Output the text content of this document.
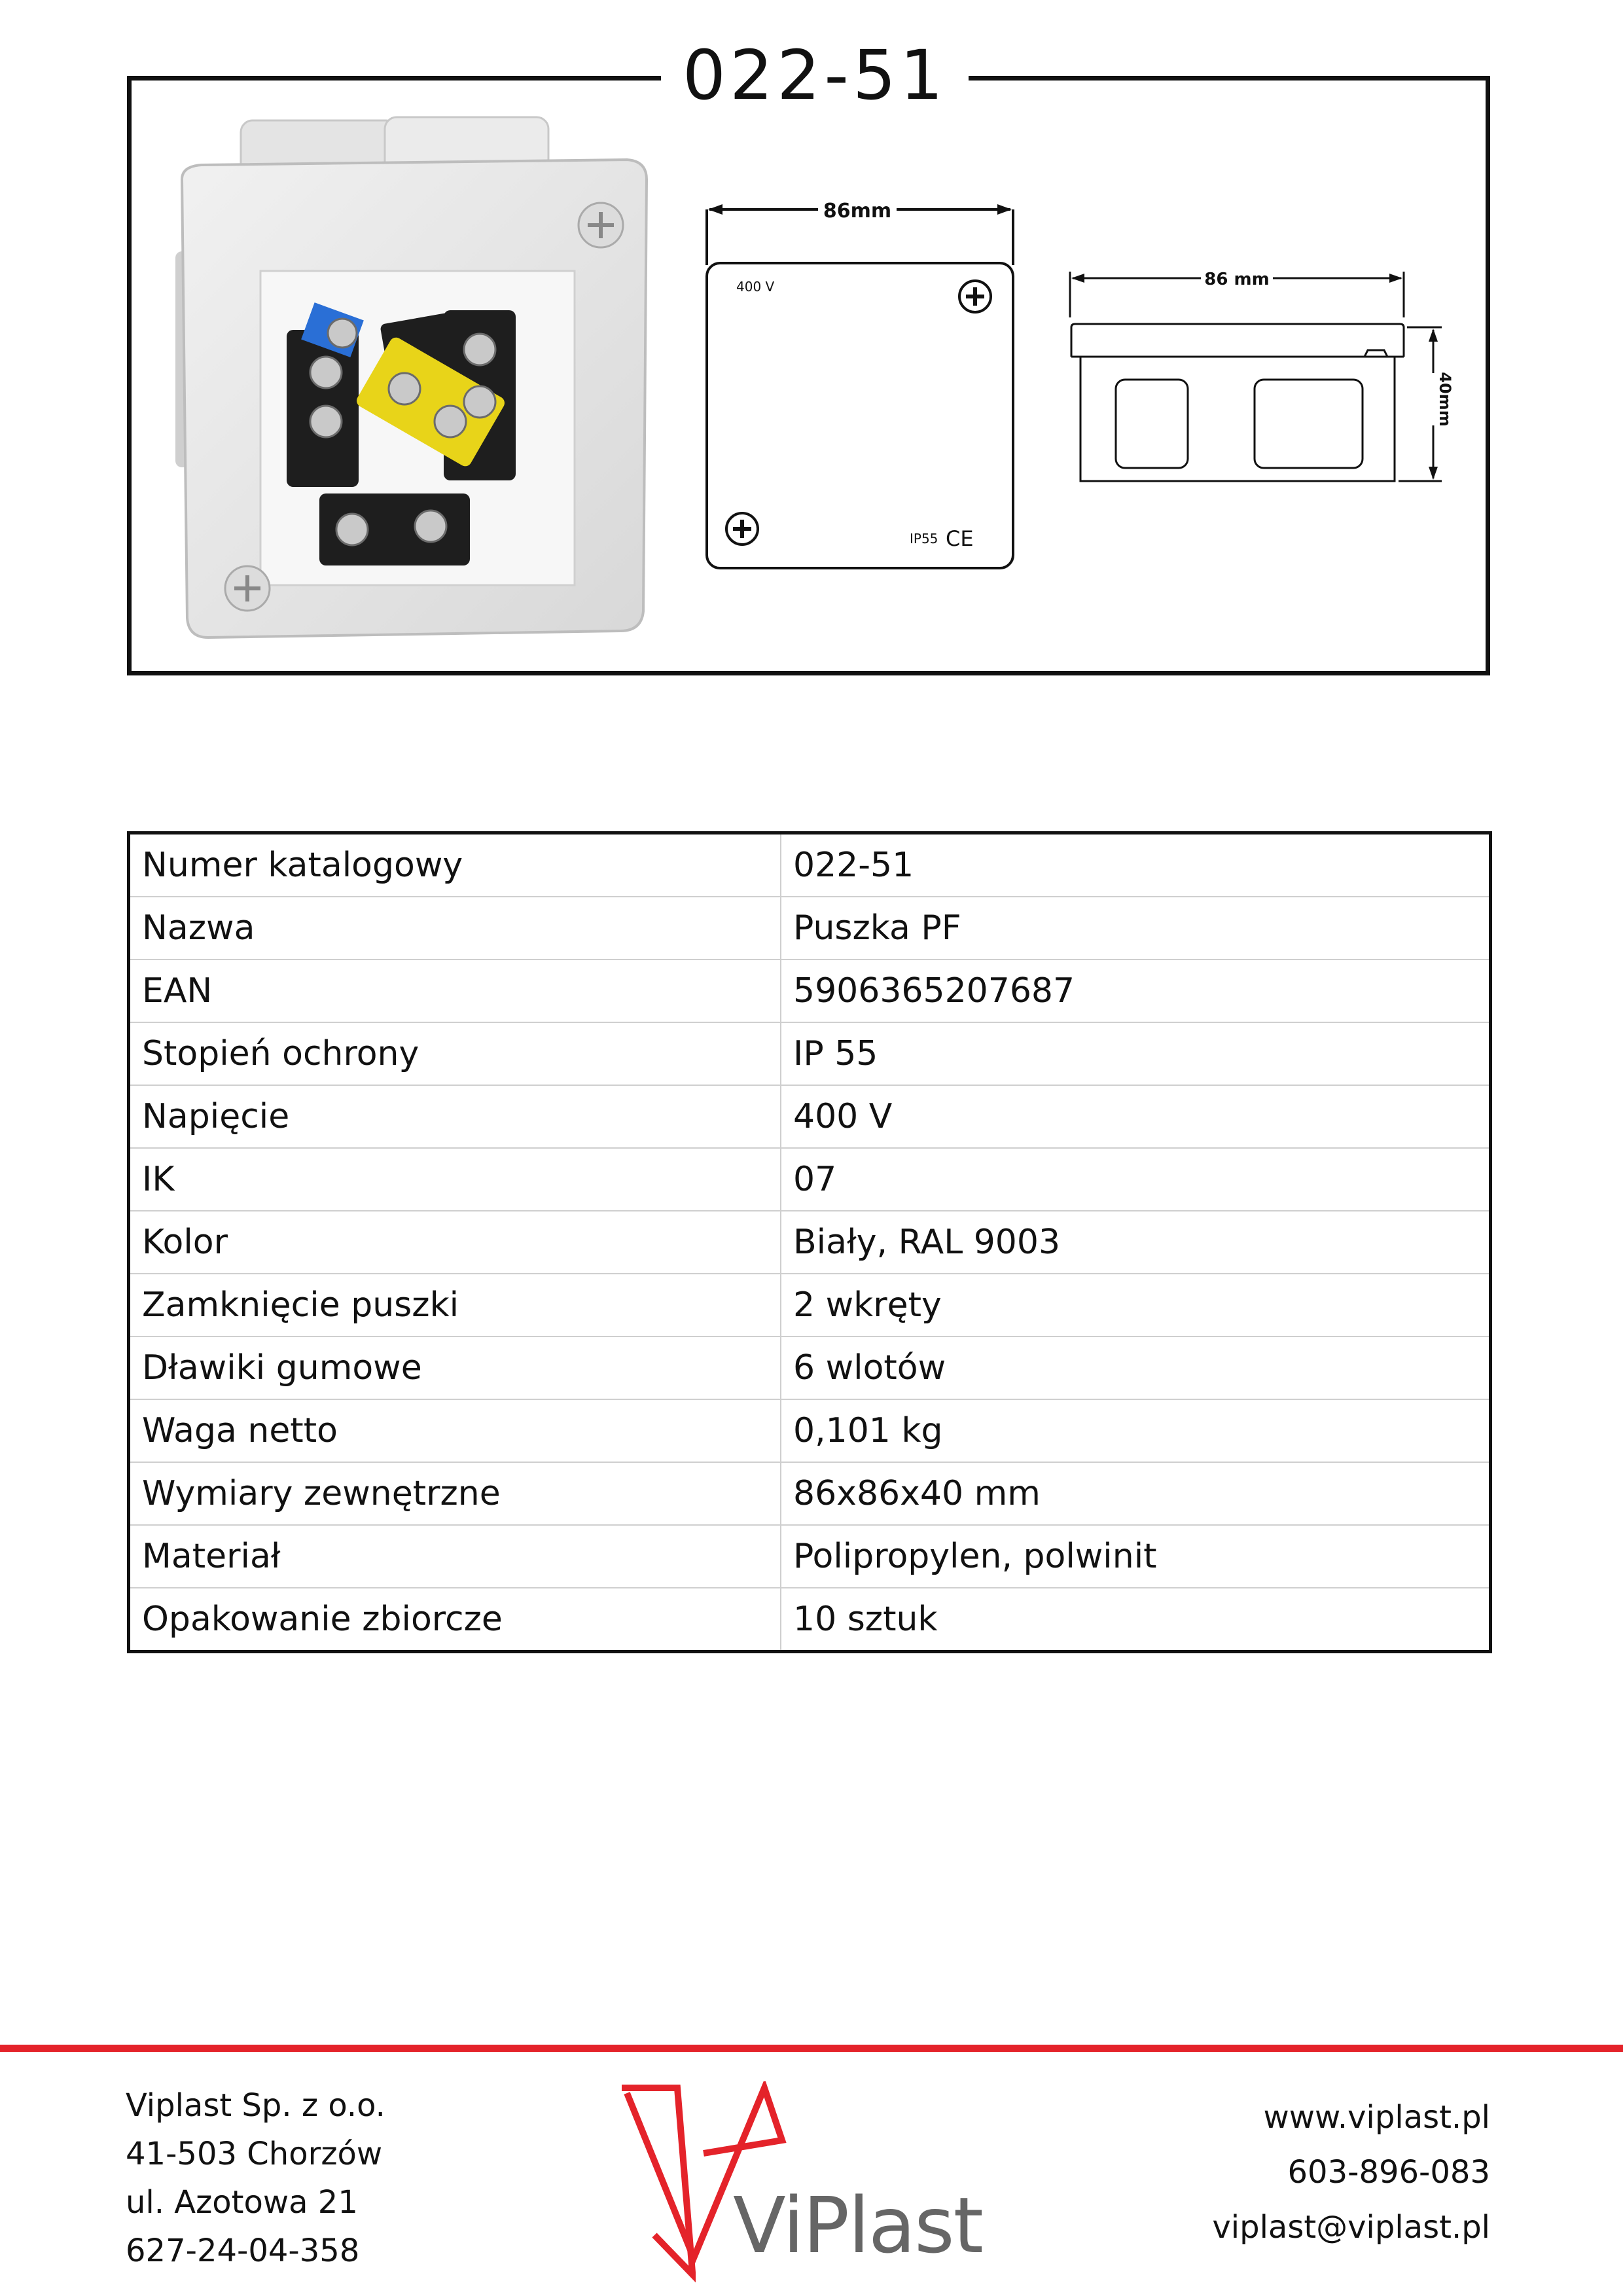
022-51
86mm
400 V
IP55 CE
86 mm
40mm
Numer katalogowy	022-51
Nazwa	Puszka PF
EAN	5906365207687
Stopień ochrony	IP 55
Napięcie	400 V
IK	07
Kolor	Biały, RAL 9003
Zamknięcie puszki	2 wkręty
Dławiki gumowe	6 wlotów
Waga netto	0,101 kg
Wymiary zewnętrzne	86x86x40 mm
Materiał	Polipropylen, polwinit
Opakowanie zbiorcze	10 sztuk
Viplast Sp. z o.o.
41-503 Chorzów
ul. Azotowa 21
627-24-04-358	ViPlast
www.viplast.pl
603-896-083
viplast@viplast.pl
